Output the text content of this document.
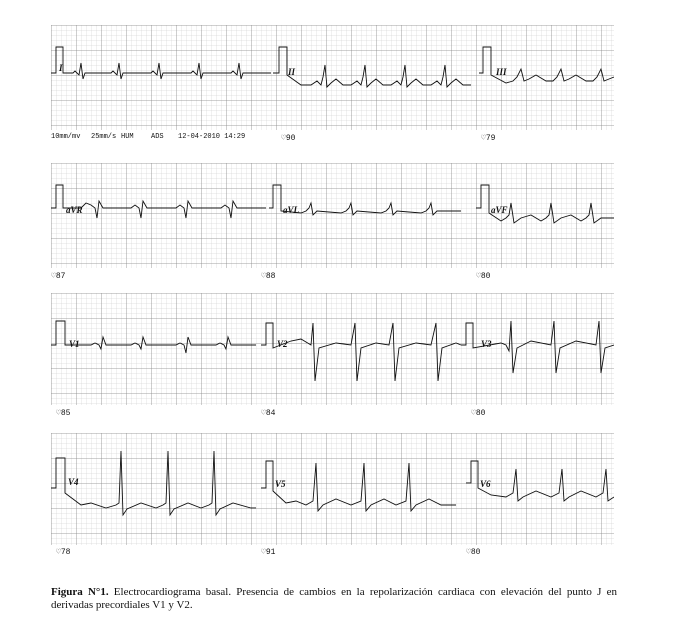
I	II	III
10mm/mv 25mm/s HUM ADS 12-04-2010 14:29	♡90	♡79
aVR	aVL	aVF
♡87	♡88	♡80
V1	V2	V3
♡85	♡84	♡80
V4	V5	V6
♡78	♡91	♡80
Figura N°1. Electrocardiograma basal. Presencia de cambios en la repolarización cardiaca con elevación del punto J en derivadas precordiales V1 y V2.
